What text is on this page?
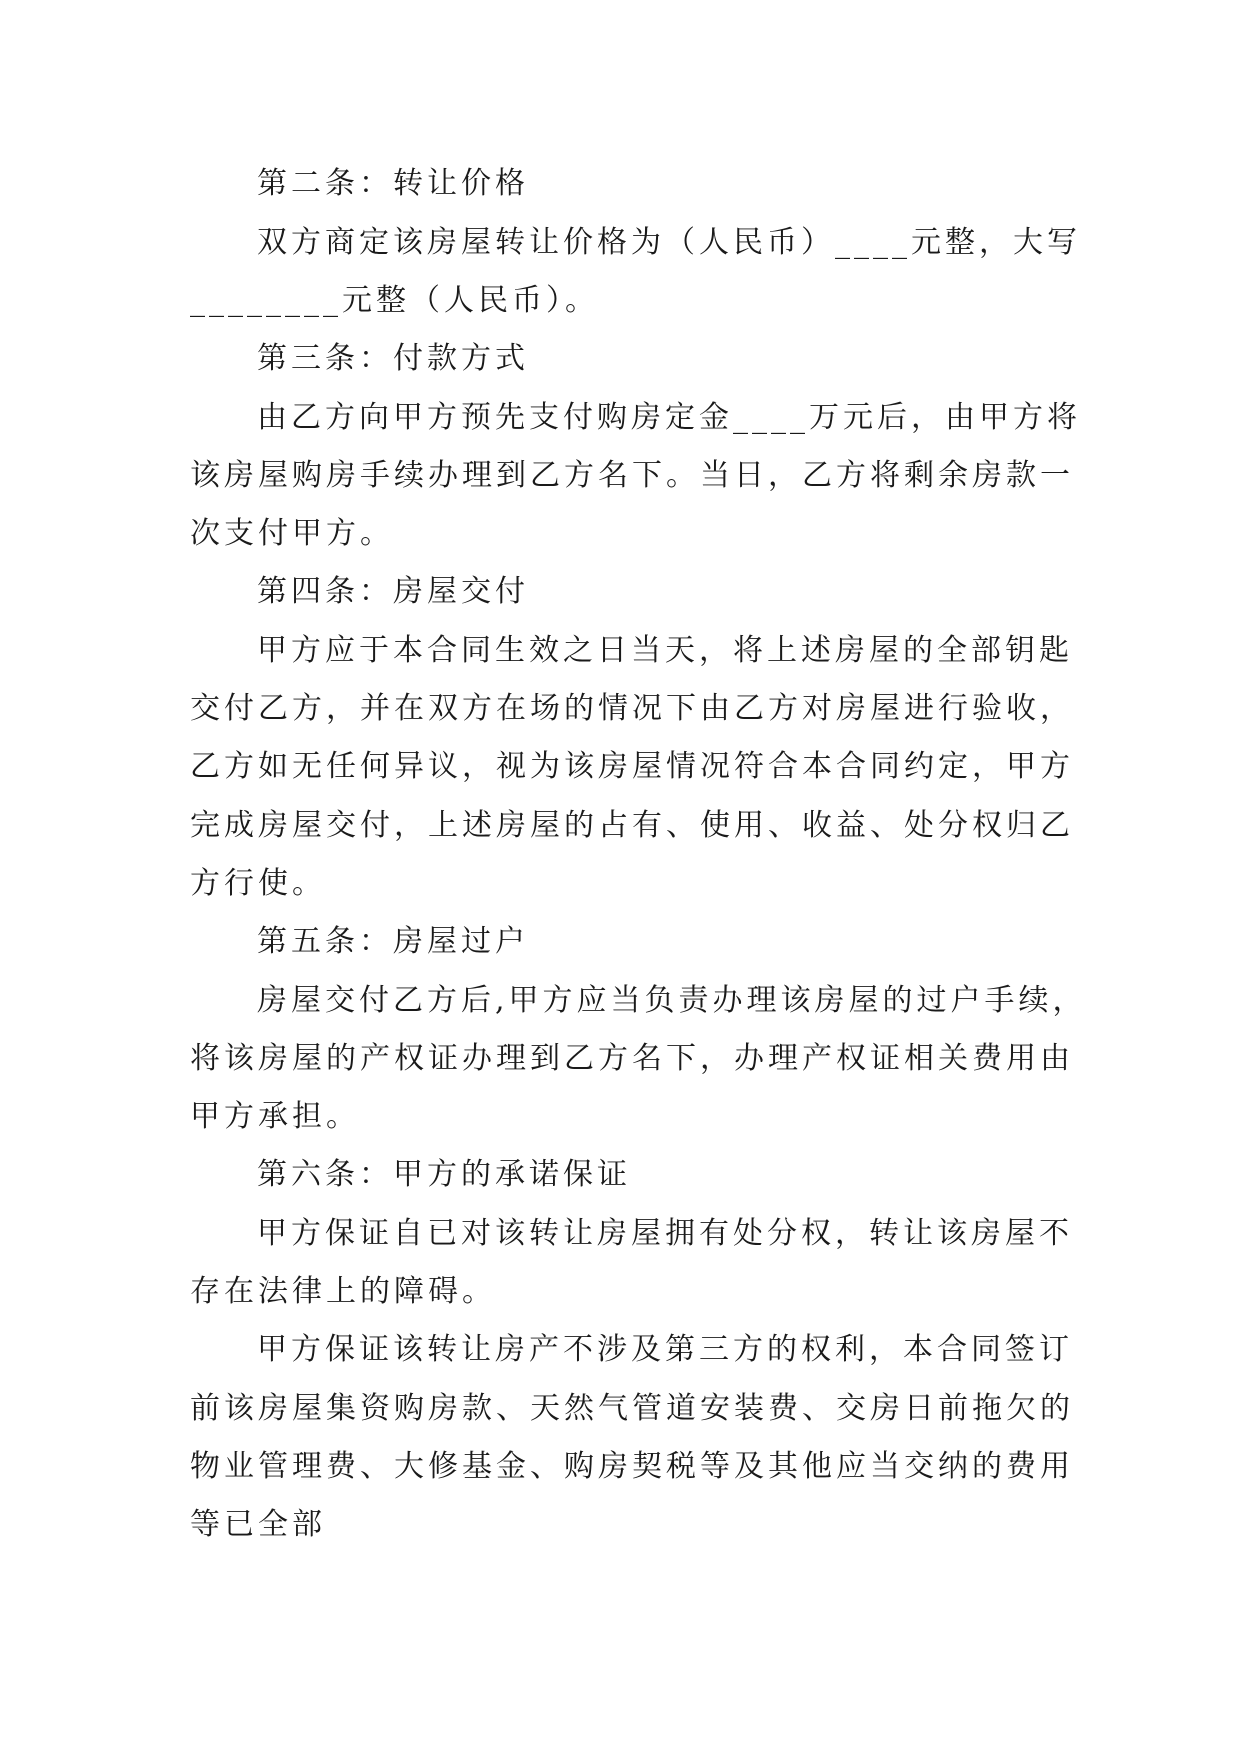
第二条：转让价格
双方商定该房屋转让价格为（人民币）____元整，大写
________元整（人民币）。
第三条：付款方式
由乙方向甲方预先支付购房定金____万元后，由甲方将
该房屋购房手续办理到乙方名下。当日，乙方将剩余房款一
次支付甲方。
第四条：房屋交付
甲方应于本合同生效之日当天，将上述房屋的全部钥匙
交付乙方，并在双方在场的情况下由乙方对房屋进行验收，
乙方如无任何异议，视为该房屋情况符合本合同约定，甲方
完成房屋交付，上述房屋的占有、使用、收益、处分权归乙
方行使。
第五条：房屋过户
房屋交付乙方后,甲方应当负责办理该房屋的过户手续，
将该房屋的产权证办理到乙方名下，办理产权证相关费用由
甲方承担。
第六条：甲方的承诺保证
甲方保证自已对该转让房屋拥有处分权，转让该房屋不
存在法律上的障碍。
甲方保证该转让房产不涉及第三方的权利，本合同签订
前该房屋集资购房款、天然气管道安装费、交房日前拖欠的
物业管理费、大修基金、购房契税等及其他应当交纳的费用
等已全部
